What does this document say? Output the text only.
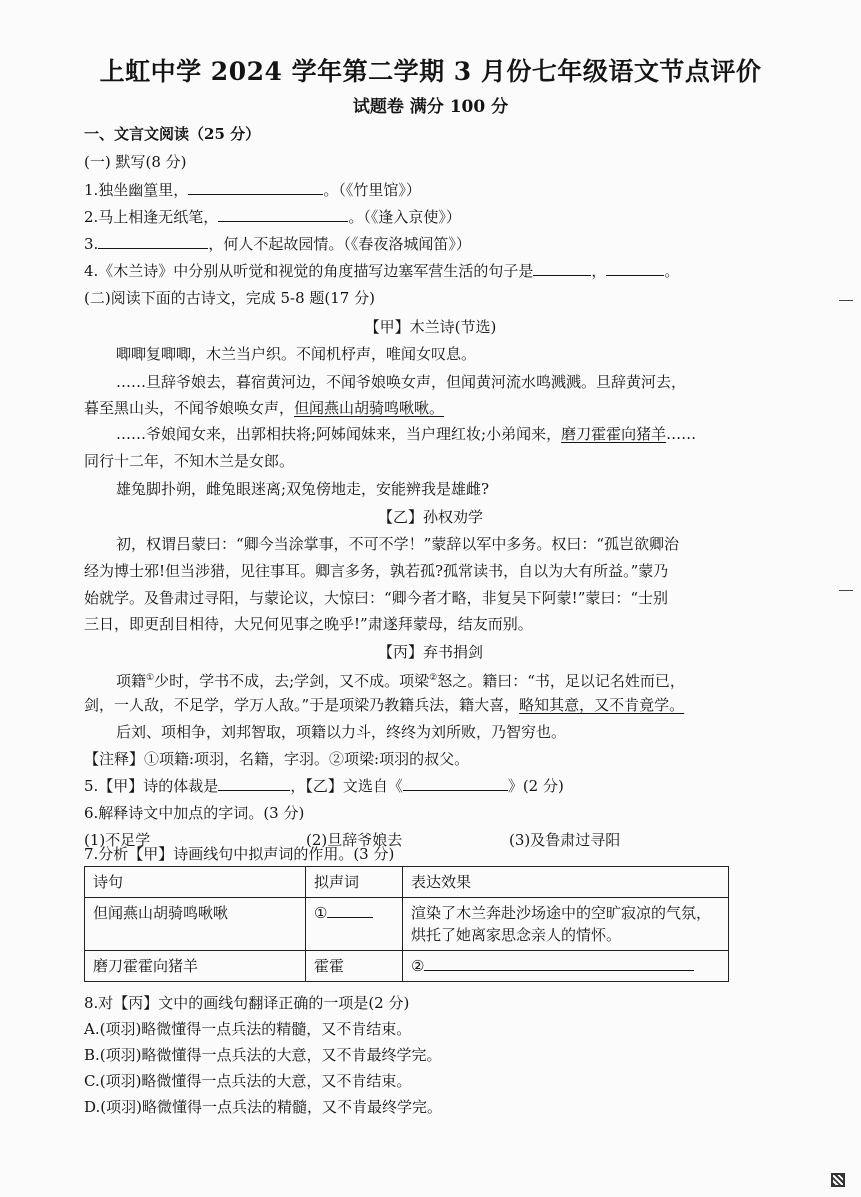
上虹中学 2024 学年第二学期 3 月份七年级语文节点评价
试题卷 满分 100 分
一、文言文阅读（25 分）
(一) 默写(8 分)
1.独坐幽篁里，	。（《竹里馆》）
2.马上相逢无纸笔，	。（《逢入京使》）
3.	，何人不起故园情。（《春夜洛城闻笛》）
4.《木兰诗》中分别从听觉和视觉的角度描写边塞军营生活的句子是	，	。
(二)阅读下面的古诗文，完成 5-8 题(17 分)
【甲】木兰诗(节选)
唧唧复唧唧，木兰当户织。不闻机杼声，唯闻女叹息。
……旦辞爷娘去，暮宿黄河边，不闻爷娘唤女声，但闻黄河流水鸣溅溅。旦辞黄河去，
暮至黑山头，不闻爷娘唤女声，但闻燕山胡骑鸣啾啾。
……爷娘闻女来，出郭相扶将;阿姊闻妹来，当户理红妆;小弟闻来，磨刀霍霍向猪羊……
同行十二年，不知木兰是女郎。
雄兔脚扑朔，雌兔眼迷离;双兔傍地走，安能辨我是雄雌?
【乙】孙权劝学
初，权谓吕蒙曰：“卿今当涂掌事，不可不学！”蒙辞以军中多务。权曰：“孤岂欲卿治
经为博士邪!但当涉猎，见往事耳。卿言多务，孰若孤?孤常读书，自以为大有所益。”蒙乃
始就学。及鲁肃过寻阳，与蒙论议，大惊曰：“卿今者才略，非复吴下阿蒙!”蒙曰：“士别
三日，即更刮目相待，大兄何见事之晚乎!”肃遂拜蒙母，结友而别。
【丙】弃书捐剑
项籍①少时，学书不成，去;学剑，又不成。项梁②怒之。籍曰：“书，足以记名姓而已，
剑，一人敌，不足学，学万人敌。”于是项梁乃教籍兵法，籍大喜，略知其意，又不肯竟学。
后刘、项相争，刘邦智取，项籍以力斗，终终为刘所败，乃智穷也。
【注释】①项籍:项羽，名籍，字羽。②项梁:项羽的叔父。
5.【甲】诗的体裁是	，【乙】文选自《	》(2 分)
6.解释诗文中加点的字词。(3 分)
(1)不足学	(2)旦辞爷娘去	(3)及鲁肃过寻阳
7.分析【甲】诗画线句中拟声词的作用。(3 分)
诗句	拟声词	表达效果
但闻燕山胡骑鸣啾啾	①	渲染了木兰奔赴沙场途中的空旷寂凉的气氛，烘托了她离家思念亲人的情怀。
磨刀霍霍向猪羊	霍霍	②
8.对【丙】文中的画线句翻译正确的一项是(2 分)
A.(项羽)略微懂得一点兵法的精髓，又不肯结束。
B.(项羽)略微懂得一点兵法的大意，又不肯最终学完。
C.(项羽)略微懂得一点兵法的大意，又不肯结束。
D.(项羽)略微懂得一点兵法的精髓，又不肯最终学完。
